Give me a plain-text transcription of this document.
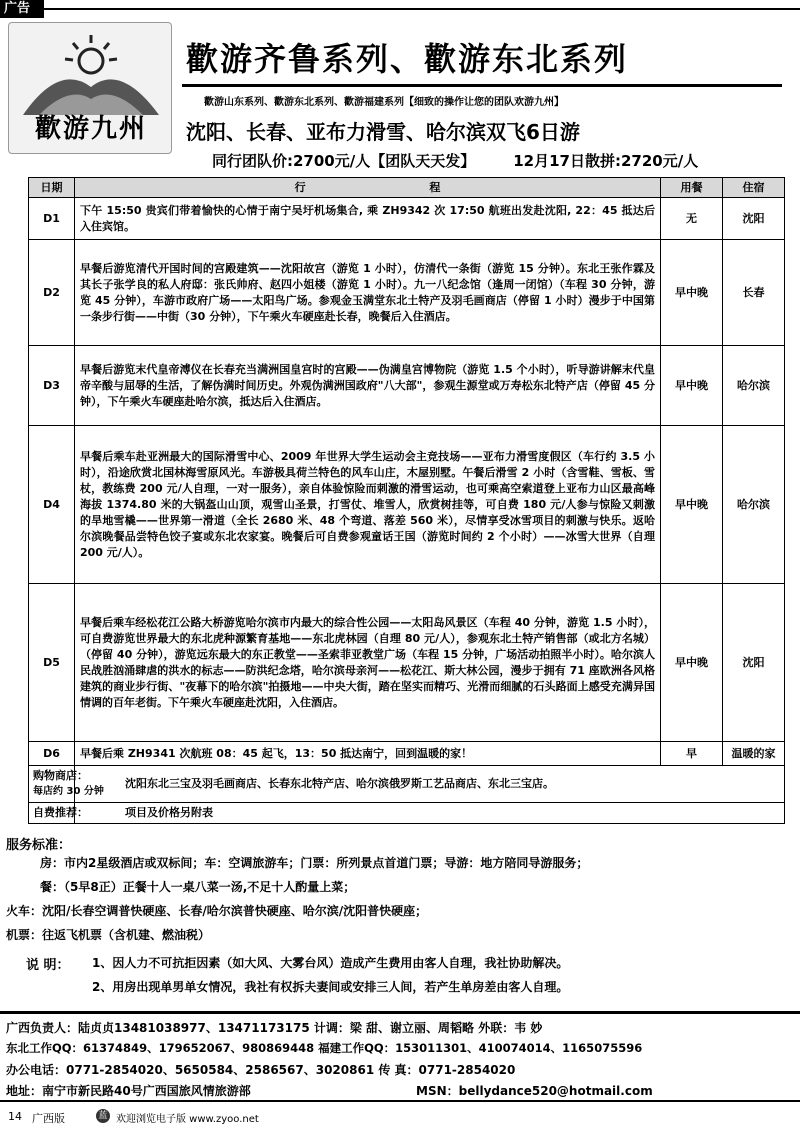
广告
歡游九州
歡游齐鲁系列、歡游东北系列
歡游山东系列、歡游东北系列、歡游福建系列【细致的操作让您的团队欢游九州】
沈阳、长春、亚布力滑雪、哈尔滨双飞6日游
同行团队价:2700元/人【团队天天发】	12月17日散拼:2720元/人
日期	行 程	用餐	住宿
D1	下午 15:50 贵宾们带着愉快的心情于南宁吴圩机场集合, 乘 ZH9342 次 17:50 航班出发赴沈阳, 22：45 抵达后入住宾馆。	无	沈阳
D2	早餐后游览清代开国时间的宫殿建筑——沈阳故宫（游览 1 小时），仿清代一条街（游览 15 分钟）。东北王张作霖及其长子张学良的私人府邸：张氏帅府、赵四小姐楼（游览 1 小时）。九一八纪念馆（逢周一闭馆）（车程 30 分钟，游览 45 分钟），车游市政府广场——太阳鸟广场。参观金玉满堂东北土特产及羽毛画商店（停留 1 小时）漫步于中国第一条步行街——中街（30 分钟），下午乘火车硬座赴长春，晚餐后入住酒店。	早中晚	长春
D3	早餐后游览末代皇帝溥仪在长春充当满洲国皇宫时的宫殿——伪满皇宫博物院（游览 1.5 个小时），听导游讲解末代皇帝辛酸与屈辱的生活，了解伪满时间历史。外观伪满洲国政府"八大部"，参观生源堂或万寿松东北特产店（停留 45 分钟），下午乘火车硬座赴哈尔滨，抵达后入住酒店。	早中晚	哈尔滨
D4	早餐后乘车赴亚洲最大的国际滑雪中心、2009 年世界大学生运动会主竞技场——亚布力滑雪度假区（车行约 3.5 小时），沿途欣赏北国林海雪原风光。车游极具荷兰特色的风车山庄，木屋别墅。午餐后滑雪 2 小时（含雪鞋、雪板、雪杖，教练费 200 元/人自理，一对一服务），亲自体验惊险而刺激的滑雪运动，也可乘高空索道登上亚布力山区最高峰海拔 1374.80 米的大锅盔山山顶，观雪山圣景，打雪仗、堆雪人，欣赏树挂等，可自费 180 元/人参与惊险又刺激的旱地雪橇——世界第一滑道（全长 2680 米、48 个弯道、落差 560 米），尽情享受冰雪项目的刺激与快乐。返哈尔滨晚餐品尝特色饺子宴或东北农家宴。晚餐后可自费参观童话王国（游览时间约 2 个小时）——冰雪大世界（自理 200 元/人）。	早中晚	哈尔滨
D5	早餐后乘车经松花江公路大桥游览哈尔滨市内最大的综合性公园——太阳岛风景区（车程 40 分钟，游览 1.5 小时），可自费游览世界最大的东北虎种源繁育基地——东北虎林园（自理 80 元/人），参观东北土特产销售部（或北方名城）（停留 40 分钟），游览远东最大的东正教堂——圣索菲亚教堂广场（车程 15 分钟，广场活动拍照半小时）。哈尔滨人民战胜汹涌肆虐的洪水的标志——防洪纪念塔，哈尔滨母亲河——松花江、斯大林公园，漫步于拥有 71 座欧洲各风格建筑的商业步行街、"夜幕下的哈尔滨"拍摄地——中央大街，踏在坚实而精巧、光滑而细腻的石头路面上感受充满异国情调的百年老街。下午乘火车硬座赴沈阳，入住酒店。	早中晚	沈阳
D6	早餐后乘 ZH9341 次航班 08：45 起飞，13：50 抵达南宁，回到温暖的家！	早	温暖的家

购物商店：
每店约 30 分钟	沈阳东北三宝及羽毛画商店、长春东北特产店、哈尔滨俄罗斯工艺品商店、东北三宝店。		
自费推荐：	项目及价格另附表		
服务标准：
房：市内2星级酒店或双标间；车：空调旅游车；门票：所列景点首道门票；导游：地方陪同导游服务；
餐：（5早8正）正餐十人一桌八菜一汤,不足十人酌量上菜；
火车：沈阳/长春空调普快硬座、长春/哈尔滨普快硬座、哈尔滨/沈阳普快硬座；
机票：往返飞机票（含机建、燃油税）
说 明： 1、因人力不可抗拒因素（如大风、大雾台风）造成产生费用由客人自理，我社协助解决。
2、用房出现单男单女情况，我社有权拆夫妻间或安排三人间，若产生单房差由客人自理。
广西负责人：陆贞贞13481038977、13471173175 计调：梁 甜、谢立丽、周韬略 外联：韦 妙
东北工作QQ：61374849、179652067、980869448 福建工作QQ：153011301、410074014、1165075596
办公电话：0771-2854020、5650584、2586567、3020861 传 真：0771-2854020
地址：南宁市新民路40号广西国旅风情旅游部	MSN：bellydance520@hotmail.com
14 广西版	蓝 欢迎浏览电子版 www.zyoo.net
